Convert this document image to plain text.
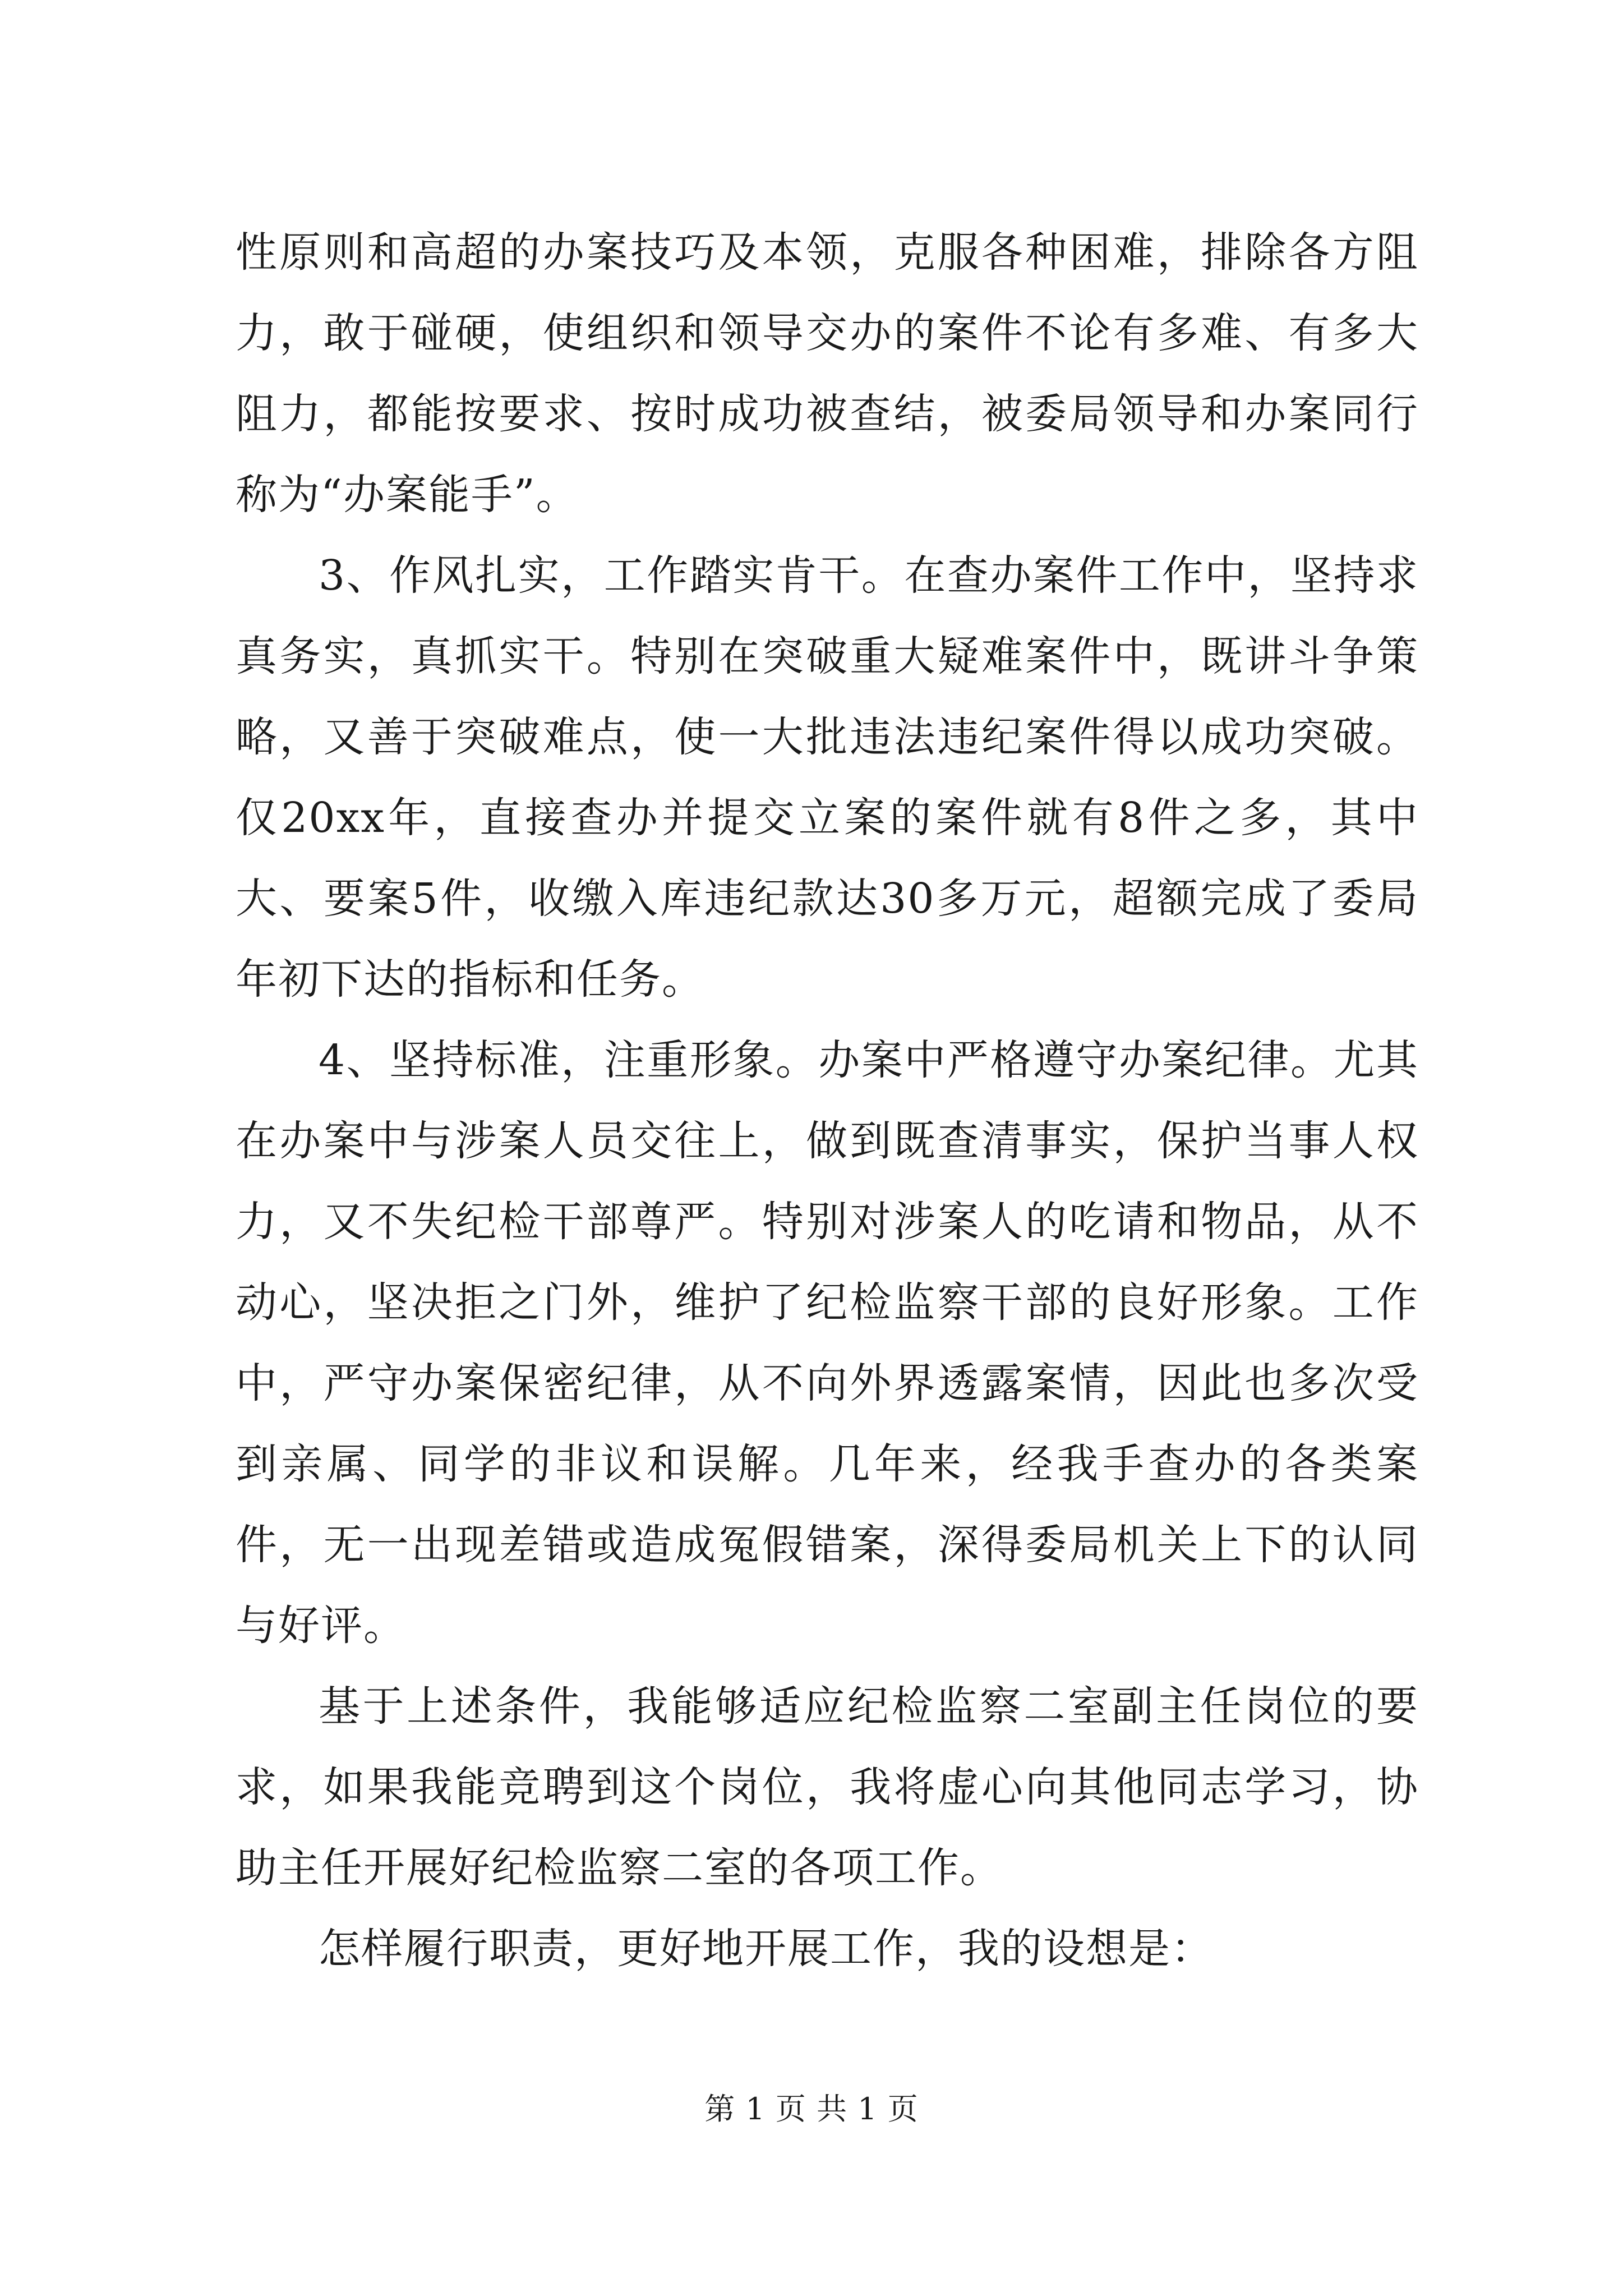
性原则和高超的办案技巧及本领，克服各种困难，排除各方阻力，敢于碰硬，使组织和领导交办的案件不论有多难、有多大阻力，都能按要求、按时成功被查结，被委局领导和办案同行称为“办案能手”。

3、作风扎实，工作踏实肯干。在查办案件工作中，坚持求真务实，真抓实干。特别在突破重大疑难案件中，既讲斗争策略，又善于突破难点，使一大批违法违纪案件得以成功突破。仅20xx年，直接查办并提交立案的案件就有8件之多，其中大、要案5件，收缴入库违纪款达30多万元，超额完成了委局年初下达的指标和任务。

4、坚持标准，注重形象。办案中严格遵守办案纪律。尤其在办案中与涉案人员交往上，做到既查清事实，保护当事人权力，又不失纪检干部尊严。特别对涉案人的吃请和物品，从不动心，坚决拒之门外，维护了纪检监察干部的良好形象。工作中，严守办案保密纪律，从不向外界透露案情，因此也多次受到亲属、同学的非议和误解。几年来，经我手查办的各类案件，无一出现差错或造成冤假错案，深得委局机关上下的认同与好评。

基于上述条件，我能够适应纪检监察二室副主任岗位的要求，如果我能竞聘到这个岗位，我将虚心向其他同志学习，协助主任开展好纪检监察二室的各项工作。

怎样履行职责，更好地开展工作，我的设想是：

第 1 页 共 1 页
